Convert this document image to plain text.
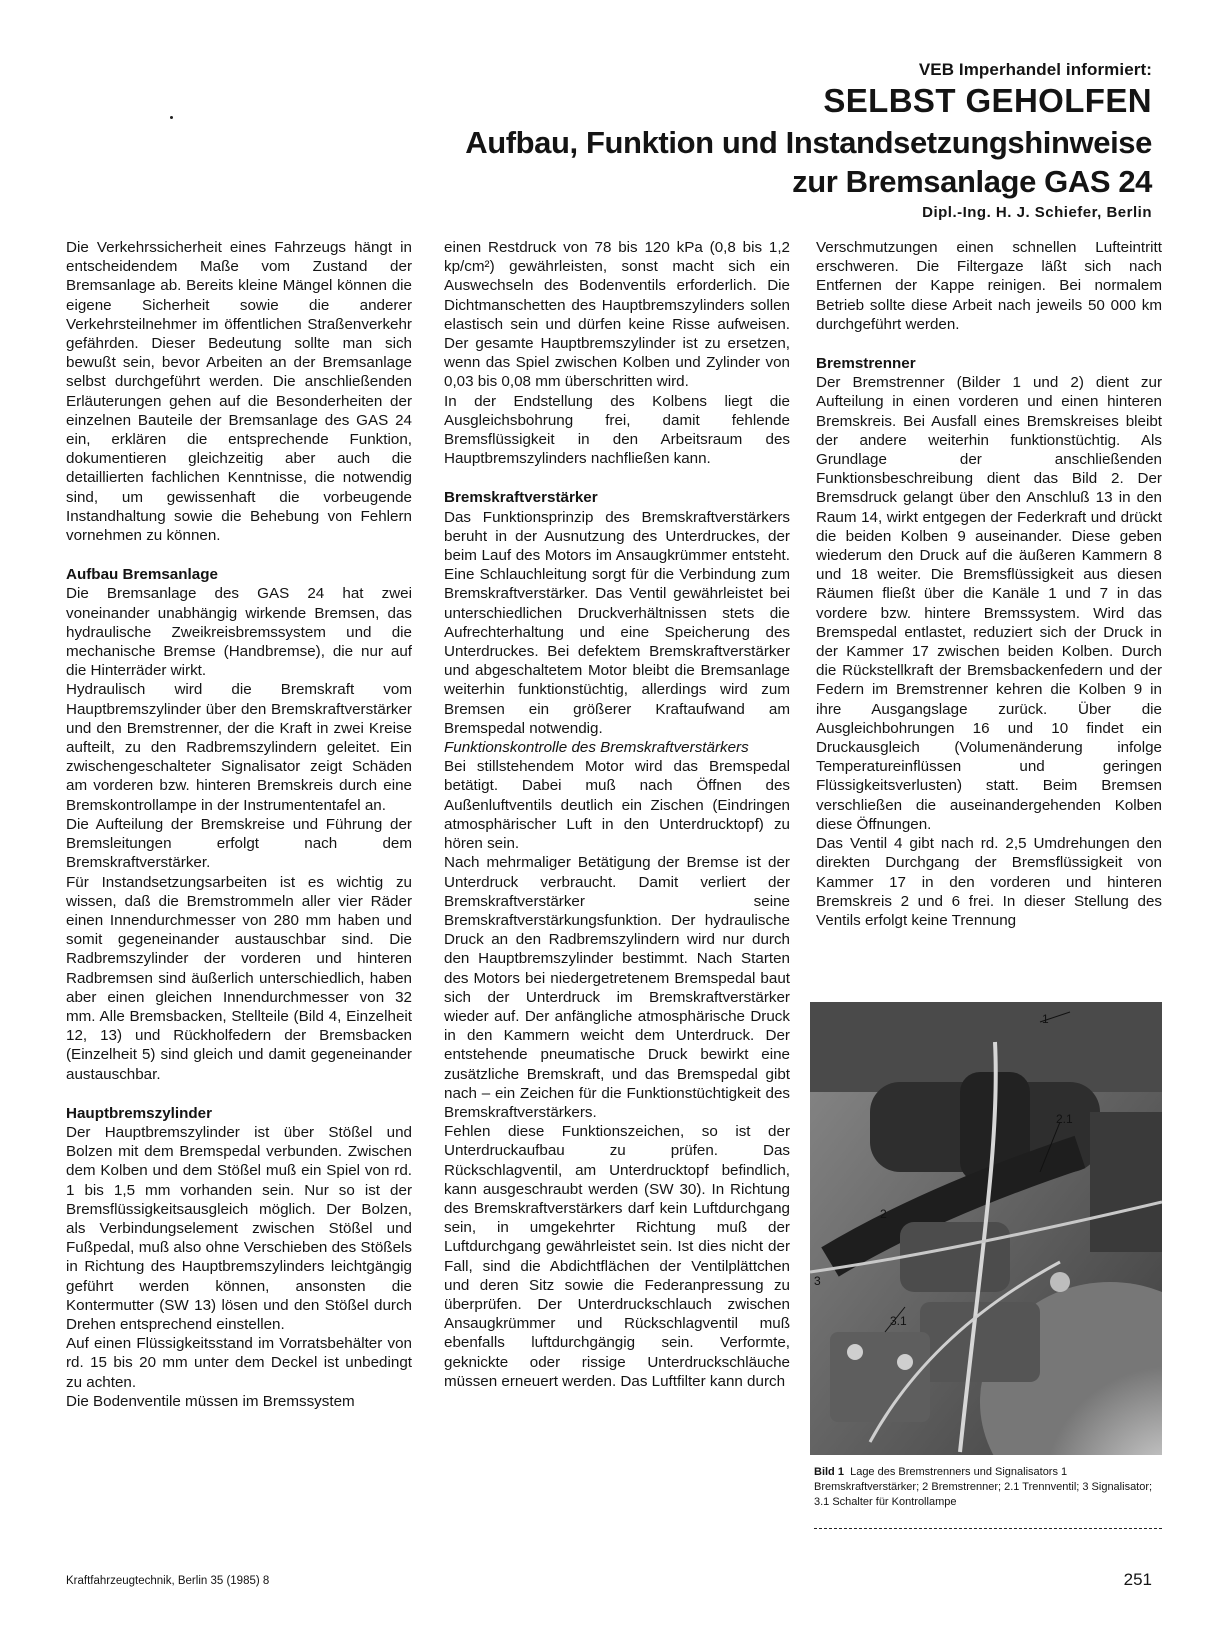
VEB Imperhandel informiert:
SELBST GEHOLFEN
Aufbau, Funktion und Instandsetzungshinweise
zur Bremsanlage GAS 24
Dipl.-Ing. H. J. Schiefer, Berlin

Die Verkehrssicherheit eines Fahrzeugs hängt in entscheidendem Maße vom Zustand der Bremsanlage ab. Bereits kleine Mängel können die eigene Sicherheit sowie die anderer Verkehrsteilnehmer im öffentlichen Straßenverkehr gefährden. Dieser Bedeutung sollte man sich bewußt sein, bevor Arbeiten an der Bremsanlage selbst durchgeführt werden. Die anschließenden Erläuterungen gehen auf die Besonderheiten der einzelnen Bauteile der Bremsanlage des GAS 24 ein, erklären die entsprechende Funktion, dokumentieren gleichzeitig aber auch die detaillierten fachlichen Kenntnisse, die notwendig sind, um gewissenhaft die vorbeugende Instandhaltung sowie die Behebung von Fehlern vornehmen zu können.

Aufbau Bremsanlage

Die Bremsanlage des GAS 24 hat zwei voneinander unabhängig wirkende Bremsen, das hydraulische Zweikreisbremssystem und die mechanische Bremse (Handbremse), die nur auf die Hinterräder wirkt.

Hydraulisch wird die Bremskraft vom Hauptbremszylinder über den Bremskraftverstärker und den Bremstrenner, der die Kraft in zwei Kreise aufteilt, zu den Radbremszylindern geleitet. Ein zwischengeschalteter Signalisator zeigt Schäden am vorderen bzw. hinteren Bremskreis durch eine Bremskontrollampe in der Instrumententafel an.

Die Aufteilung der Bremskreise und Führung der Bremsleitungen erfolgt nach dem Bremskraftverstärker.

Für Instandsetzungsarbeiten ist es wichtig zu wissen, daß die Bremstrommeln aller vier Räder einen Innendurchmesser von 280 mm haben und somit gegeneinander austauschbar sind. Die Radbremszylinder der vorderen und hinteren Radbremsen sind äußerlich unterschiedlich, haben aber einen gleichen Innendurchmesser von 32 mm. Alle Bremsbacken, Stellteile (Bild 4, Einzelheit 12, 13) und Rückholfedern der Bremsbacken (Einzelheit 5) sind gleich und damit gegeneinander austauschbar.

Hauptbremszylinder

Der Hauptbremszylinder ist über Stößel und Bolzen mit dem Bremspedal verbunden. Zwischen dem Kolben und dem Stößel muß ein Spiel von rd. 1 bis 1,5 mm vorhanden sein. Nur so ist der Bremsflüssigkeitsausgleich möglich. Der Bolzen, als Verbindungselement zwischen Stößel und Fußpedal, muß also ohne Verschieben des Stößels in Richtung des Hauptbremszylinders leichtgängig geführt werden können, ansonsten die Kontermutter (SW 13) lösen und den Stößel durch Drehen entsprechend einstellen.

Auf einen Flüssigkeitsstand im Vorratsbehälter von rd. 15 bis 20 mm unter dem Deckel ist unbedingt zu achten.

Die Bodenventile müssen im Bremssystem

einen Restdruck von 78 bis 120 kPa (0,8 bis 1,2 kp/cm²) gewährleisten, sonst macht sich ein Auswechseln des Bodenventils erforderlich. Die Dichtmanschetten des Hauptbremszylinders sollen elastisch sein und dürfen keine Risse aufweisen. Der gesamte Hauptbremszylinder ist zu ersetzen, wenn das Spiel zwischen Kolben und Zylinder von 0,03 bis 0,08 mm überschritten wird.

In der Endstellung des Kolbens liegt die Ausgleichsbohrung frei, damit fehlende Bremsflüssigkeit in den Arbeitsraum des Hauptbremszylinders nachfließen kann.

Bremskraftverstärker

Das Funktionsprinzip des Bremskraftverstärkers beruht in der Ausnutzung des Unterdruckes, der beim Lauf des Motors im Ansaugkrümmer entsteht. Eine Schlauchleitung sorgt für die Verbindung zum Bremskraftverstärker. Das Ventil gewährleistet bei unterschiedlichen Druckverhältnissen stets die Aufrechterhaltung und eine Speicherung des Unterdruckes. Bei defektem Bremskraftverstärker und abgeschaltetem Motor bleibt die Bremsanlage weiterhin funktionstüchtig, allerdings wird zum Bremsen ein größerer Kraftaufwand am Bremspedal notwendig.

Funktionskontrolle des Bremskraftverstärkers

Bei stillstehendem Motor wird das Bremspedal betätigt. Dabei muß nach Öffnen des Außenluftventils deutlich ein Zischen (Eindringen atmosphärischer Luft in den Unterdrucktopf) zu hören sein.

Nach mehrmaliger Betätigung der Bremse ist der Unterdruck verbraucht. Damit verliert der Bremskraftverstärker seine Bremskraftverstärkungsfunktion. Der hydraulische Druck an den Radbremszylindern wird nur durch den Hauptbremszylinder bestimmt. Nach Starten des Motors bei niedergetretenem Bremspedal baut sich der Unterdruck im Bremskraftverstärker wieder auf. Der anfängliche atmosphärische Druck in den Kammern weicht dem Unterdruck. Der entstehende pneumatische Druck bewirkt eine zusätzliche Bremskraft, und das Bremspedal gibt nach – ein Zeichen für die Funktionstüchtigkeit des Bremskraftverstärkers.

Fehlen diese Funktionszeichen, so ist der Unterdruckaufbau zu prüfen. Das Rückschlagventil, am Unterdrucktopf befindlich, kann ausgeschraubt werden (SW 30). In Richtung des Bremskraftverstärkers darf kein Luftdurchgang sein, in umgekehrter Richtung muß der Luftdurchgang gewährleistet sein. Ist dies nicht der Fall, sind die Abdichtflächen der Ventilplättchen und deren Sitz sowie die Federanpressung zu überprüfen. Der Unterdruckschlauch zwischen Ansaugkrümmer und Rückschlagventil muß ebenfalls luftdurchgängig sein. Verformte, geknickte oder rissige Unterdruckschläuche müssen erneuert werden. Das Luftfilter kann durch

Verschmutzungen einen schnellen Lufteintritt erschweren. Die Filtergaze läßt sich nach Entfernen der Kappe reinigen. Bei normalem Betrieb sollte diese Arbeit nach jeweils 50 000 km durchgeführt werden.

Bremstrenner

Der Bremstrenner (Bilder 1 und 2) dient zur Aufteilung in einen vorderen und einen hinteren Bremskreis. Bei Ausfall eines Bremskreises bleibt der andere weiterhin funktionstüchtig. Als Grundlage der anschließenden Funktionsbeschreibung dient das Bild 2. Der Bremsdruck gelangt über den Anschluß 13 in den Raum 14, wirkt entgegen der Federkraft und drückt die beiden Kolben 9 auseinander. Diese geben wiederum den Druck auf die äußeren Kammern 8 und 18 weiter. Die Bremsflüssigkeit aus diesen Räumen fließt über die Kanäle 1 und 7 in das vordere bzw. hintere Bremssystem. Wird das Bremspedal entlastet, reduziert sich der Druck in der Kammer 17 zwischen beiden Kolben. Durch die Rückstellkraft der Bremsbackenfedern und der Federn im Bremstrenner kehren die Kolben 9 in ihre Ausgangslage zurück. Über die Ausgleichbohrungen 16 und 10 findet ein Druckausgleich (Volumenänderung infolge Temperatureinflüssen und geringen Flüssigkeitsverlusten) statt. Beim Bremsen verschließen die auseinandergehenden Kolben diese Öffnungen.

Das Ventil 4 gibt nach rd. 2,5 Umdrehungen den direkten Durchgang der Bremsflüssigkeit von Kammer 17 in den vorderen und hinteren Bremskreis 2 und 6 frei. In dieser Stellung des Ventils erfolgt keine Trennung

1
2.1
2
3
3.1
Bild 1 Lage des Bremstrenners und Signalisators 1 Bremskraftverstärker; 2 Bremstrenner; 2.1 Trennventil; 3 Signalisator; 3.1 Schalter für Kontrollampe
Kraftfahrzeugtechnik, Berlin 35 (1985) 8	251
